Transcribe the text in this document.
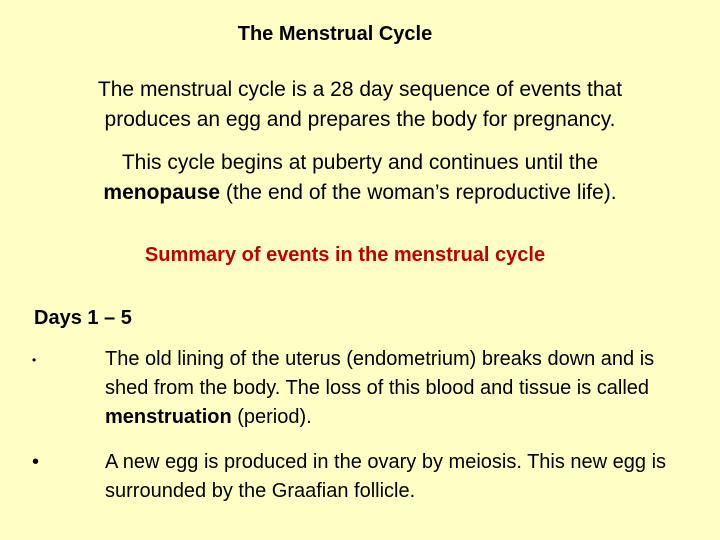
The Menstrual Cycle
The menstrual cycle is a 28 day sequence of events that
produces an egg and prepares the body for pregnancy.
This cycle begins at puberty and continues until the
menopause (the end of the woman’s reproductive life).
Summary of events in the menstrual cycle
Days 1 – 5
•	The old lining of the uterus (endometrium) breaks down and is shed from the body. The loss of this blood and tissue is called menstruation (period).
•	A new egg is produced in the ovary by meiosis. This new egg is surrounded by the Graafian follicle.
